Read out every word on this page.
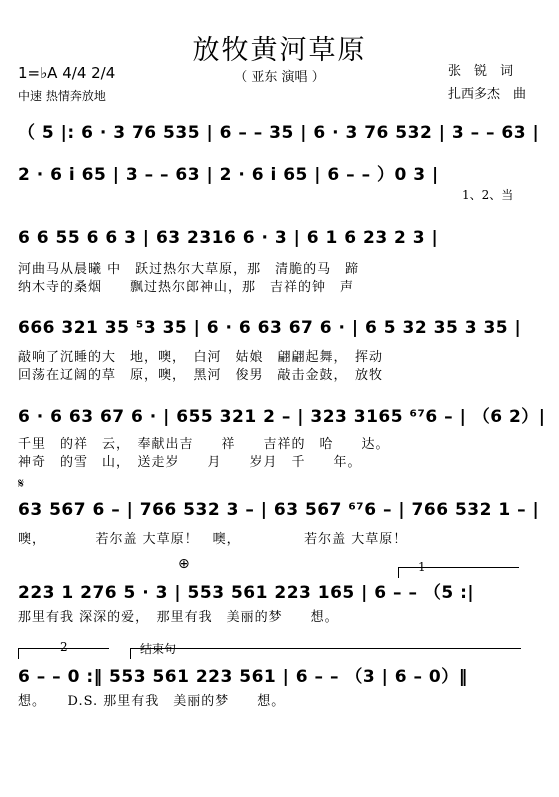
放牧黄河草原
（ 亚东 演唱 ）
1=♭A 4/4 2/4
中速 热情奔放地
张　锐　词
扎西多杰　曲
（ 5 |: 6 · 3 76 535 | 6 – – 35 | 6 · 3 76 532 | 3 – – 63 |
2 · 6 i 65 | 3 – – 63 | 2 · 6 i 65 | 6 – – ）0 3 |
1、2、当
6 6 55 6 6 3 | 63 2316 6 · 3 | 6 1 6 23 2 3 |
河曲马从晨曦 中　跃过热尔大草原，那　清脆的马　蹄
纳木寺的桑烟　　飘过热尔郎神山，那　吉祥的钟　声
666 321 35 ⁵3 35 | 6 · 6 63 67 6 · | 6 5 32 35 3 35 |
敲响了沉睡的大　地，噢，　白河　姑娘　翩翩起舞，　挥动
回荡在辽阔的草　原，噢，　黑河　俊男　敲击金鼓，　放牧
6 · 6 63 67 6 · | 655 321 2 – | 323 3165 ⁶⁷6 – | （6 2）|
千里　的祥　云，　奉献出吉　　祥　　吉祥的　哈　　达。
神奇　的雪　山，　送走岁　　月　　岁月　千　　年。
𝄋
63 567 6 – | 766 532 3 – | 63 567 ⁶⁷6 – | 766 532 1 – |
噢，　　　　若尔盖 大草原！　噢，　　　　　若尔盖 大草原！
⊕	1
223 1 276 5 · 3 | 553 561 223 165 | 6 – – （5 :|
那里有我 深深的爱，　那里有我　美丽的梦　　想。
2	结束句
6 – – 0 :‖ 553 561 223 561 | 6 – – （3 | 6 – 0）‖
想。　　D.S. 那里有我　美丽的梦　　想。
